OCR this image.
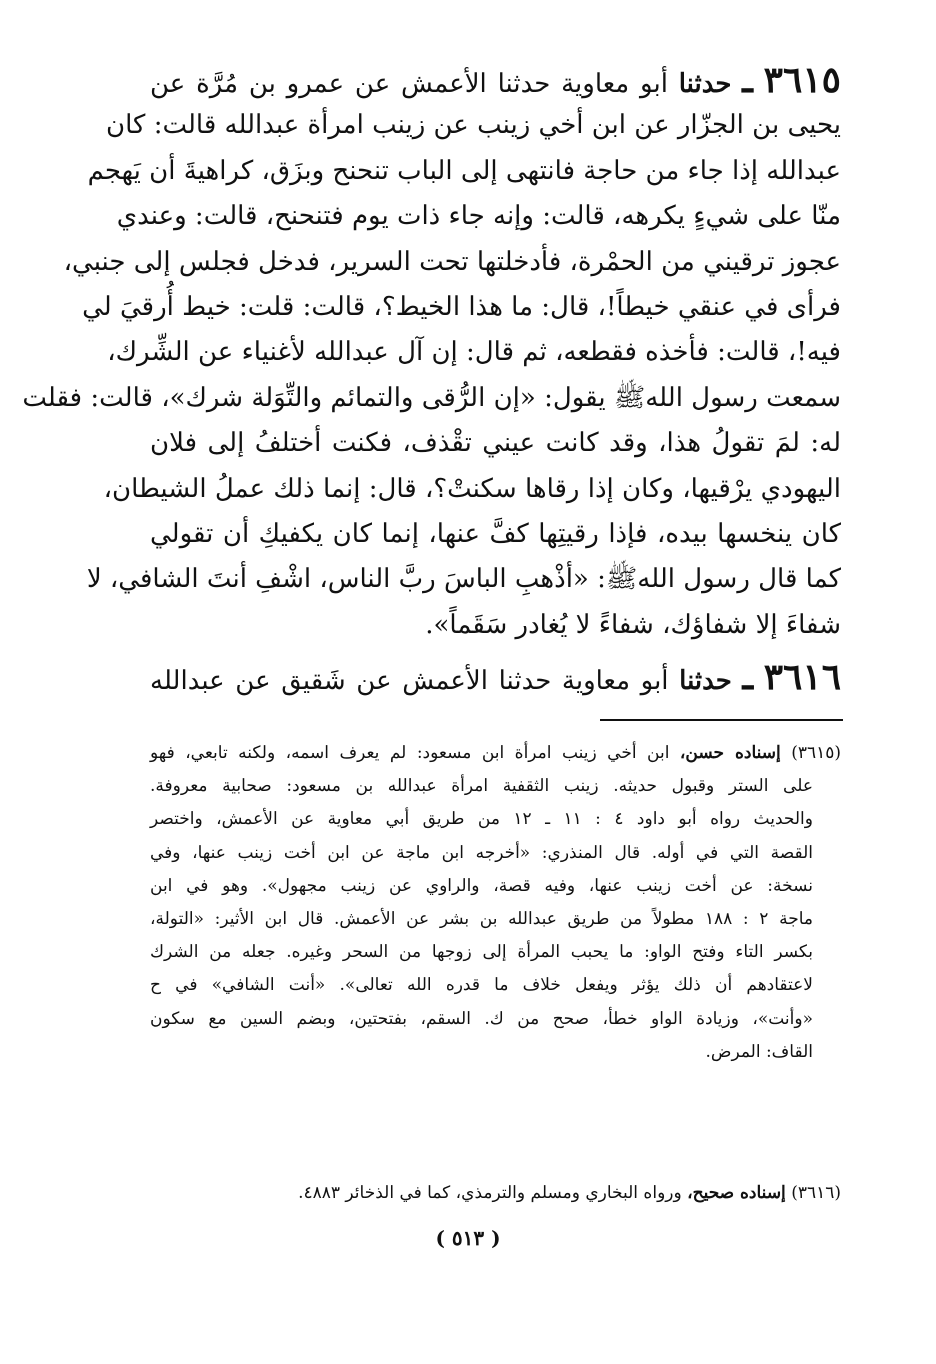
٣٦١٥ ـ حدثنا أبو معاوية حدثنا الأعمش عن عمرو بن مُرَّة عن
يحيى بن الجزّار عن ابن أخي زينب عن زينب امرأة عبدالله قالت: كان
عبدالله إذا جاء من حاجة فانتهى إلى الباب تنحنح وبزَق، كراهيةَ أن يَهجم
منّا على شيءٍ يكرهه، قالت: وإنه جاء ذات يوم فتنحنح، قالت: وعندي
عجوز ترقيني من الحمْرة، فأدخلتها تحت السرير، فدخل فجلس إلى جنبي،
فرأى في عنقي خيطاً!، قال: ما هذا الخيط؟، قالت: قلت: خيط أُرقيَ لي
فيه!، قالت: فأخذه فقطعه، ثم قال: إن آل عبدالله لأغنياء عن الشِّرك،
سمعت رسول اللهﷺ يقول: «إن الرُّقى والتمائم والتِّوَلة شرك»، قالت: فقلت
له: لمَ تقولُ هذا، وقد كانت عيني تقْذف، فكنت أختلفُ إلى فلان
اليهودي يرْقيها، وكان إذا رقاها سكنتْ؟، قال: إنما ذلك عملُ الشيطان،
كان ينخسها بيده، فإذا رقيتِها كفَّ عنها، إنما كان يكفيكِ أن تقولي
كما قال رسول اللهﷺ: «أذْهبِ الباسَ ربَّ الناس، اشْفِ أنتَ الشافي، لا
شفاءَ إلا شفاؤك، شفاءً لا يُغادر سَقَماً».
٣٦١٦ ـ حدثنا أبو معاوية حدثنا الأعمش عن شَقيق عن عبدالله
(٣٦١٥) إسناده حسن، ابن أخي زينب امرأة ابن مسعود: لم يعرف اسمه، ولكنه تابعي، فهو
على الستر وقبول حديثه. زينب الثقفية امرأة عبدالله بن مسعود: صحابية معروفة.
والحديث رواه أبو داود ٤ : ١١ ـ ١٢ من طريق أبي معاوية عن الأعمش، واختصر
القصة التي في أوله. قال المنذري: «أخرجه ابن ماجة عن ابن أخت زينب عنها، وفي
نسخة: عن أخت زينب عنها، وفيه قصة، والراوي عن زينب مجهول». وهو في ابن
ماجة ٢ : ١٨٨ مطولاً من طريق عبدالله بن بشر عن الأعمش. قال ابن الأثير: «التولة،
بكسر التاء وفتح الواو: ما يحبب المرأة إلى زوجها من السحر وغيره. جعله من الشرك
لاعتقادهم أن ذلك يؤثر ويفعل خلاف ما قدره الله تعالى». «أنت الشافي» في ح
«وأنت»، وزيادة الواو خطأ، صحح من ك. السقم، بفتحتين، وبضم السين مع سكون
القاف: المرض.
(٣٦١٦) إسناده صحيح، ورواه البخاري ومسلم والترمذي، كما في الذخائر ٤٨٨٣.
( ٥١٣ )
